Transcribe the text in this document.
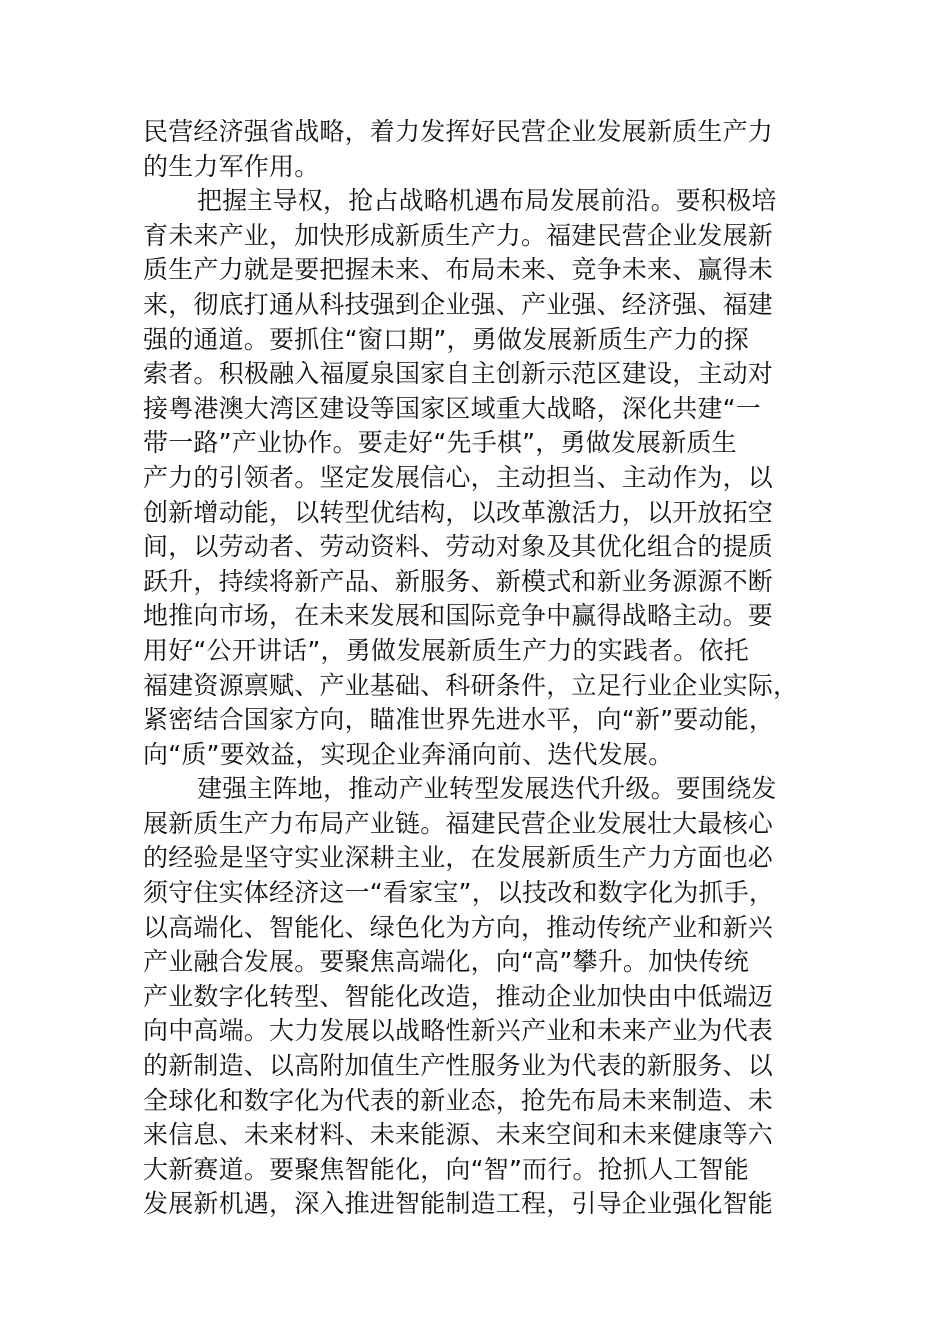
民营经济强省战略，着力发挥好民营企业发展新质生产力
的生力军作用。
把握主导权，抢占战略机遇布局发展前沿。要积极培
育未来产业，加快形成新质生产力。福建民营企业发展新
质生产力就是要把握未来、布局未来、竞争未来、赢得未
来，彻底打通从科技强到企业强、产业强、经济强、福建
强的通道。要抓住“窗口期”，勇做发展新质生产力的探
索者。积极融入福厦泉国家自主创新示范区建设，主动对
接粤港澳大湾区建设等国家区域重大战略，深化共建“一
带一路”产业协作。要走好“先手棋”，勇做发展新质生
产力的引领者。坚定发展信心，主动担当、主动作为，以
创新增动能，以转型优结构，以改革激活力，以开放拓空
间，以劳动者、劳动资料、劳动对象及其优化组合的提质
跃升，持续将新产品、新服务、新模式和新业务源源不断
地推向市场，在未来发展和国际竞争中赢得战略主动。要
用好“公开讲话”，勇做发展新质生产力的实践者。依托
福建资源禀赋、产业基础、科研条件，立足行业企业实际，
紧密结合国家方向，瞄准世界先进水平，向“新”要动能，
向“质”要效益，实现企业奔涌向前、迭代发展。
建强主阵地，推动产业转型发展迭代升级。要围绕发
展新质生产力布局产业链。福建民营企业发展壮大最核心
的经验是坚守实业深耕主业，在发展新质生产力方面也必
须守住实体经济这一“看家宝”，以技改和数字化为抓手，
以高端化、智能化、绿色化为方向，推动传统产业和新兴
产业融合发展。要聚焦高端化，向“高”攀升。加快传统
产业数字化转型、智能化改造，推动企业加快由中低端迈
向中高端。大力发展以战略性新兴产业和未来产业为代表
的新制造、以高附加值生产性服务业为代表的新服务、以
全球化和数字化为代表的新业态，抢先布局未来制造、未
来信息、未来材料、未来能源、未来空间和未来健康等六
大新赛道。要聚焦智能化，向“智”而行。抢抓人工智能
发展新机遇，深入推进智能制造工程，引导企业强化智能
